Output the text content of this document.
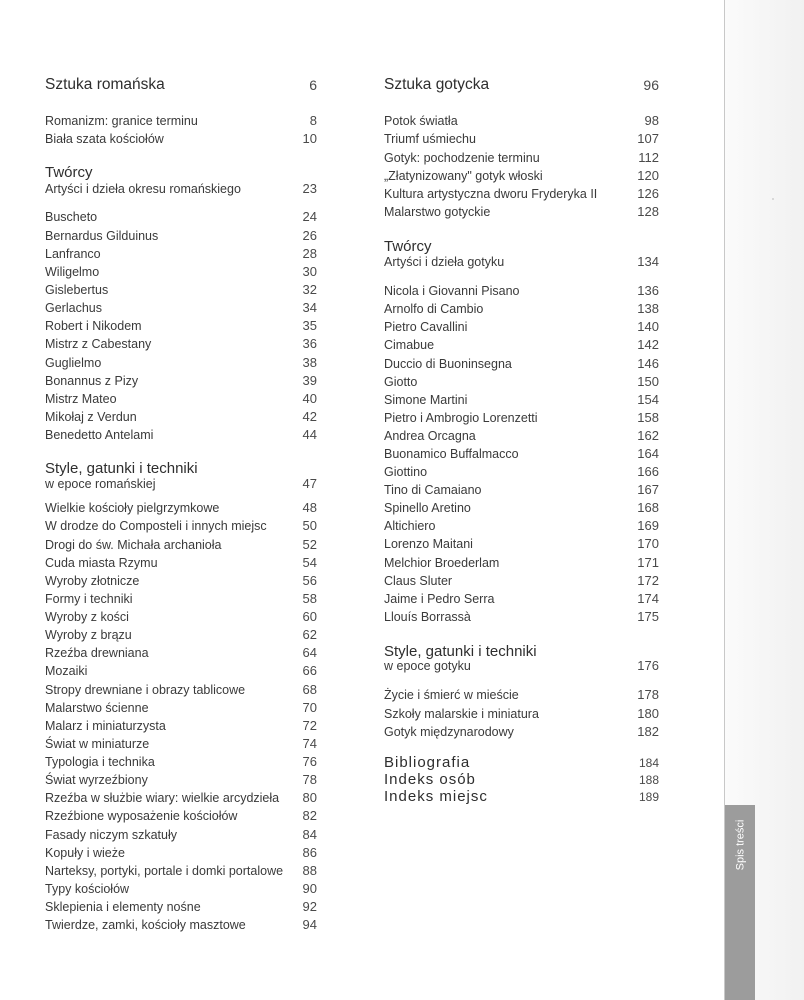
Sztuka romańska	6
Romanizm: granice terminu	8
Biała szata kościołów	10
Twórcy
Artyści i dzieła okresu romańskiego	23
Buscheto	24
Bernardus Gilduinus	26
Lanfranco	28
Wiligelmo	30
Gislebertus	32
Gerlachus	34
Robert i Nikodem	35
Mistrz z Cabestany	36
Guglielmo	38
Bonannus z Pizy	39
Mistrz Mateo	40
Mikołaj z Verdun	42
Benedetto Antelami	44
Style, gatunki i techniki
w epoce romańskiej	47
Wielkie kościoły pielgrzymkowe	48
W drodze do Composteli i innych miejsc	50
Drogi do św. Michała archanioła	52
Cuda miasta Rzymu	54
Wyroby złotnicze	56
Formy i techniki	58
Wyroby z kości	60
Wyroby z brązu	62
Rzeźba drewniana	64
Mozaiki	66
Stropy drewniane i obrazy tablicowe	68
Malarstwo ścienne	70
Malarz i miniaturzysta	72
Świat w miniaturze	74
Typologia i technika	76
Świat wyrzeźbiony	78
Rzeźba w służbie wiary: wielkie arcydzieła 80
Rzeźbione wyposażenie kościołów	82
Fasady niczym szkatuły	84
Kopuły i wieże	86
Narteksy, portyki, portale i domki portalowe 88
Typy kościołów	90
Sklepienia i elementy nośne	92
Twierdze, zamki, kościoły masztowe	94
Sztuka gotycka	96
Potok światła	98
Triumf uśmiechu	107
Gotyk: pochodzenie terminu	112
„Złatynizowany" gotyk włoski	120
Kultura artystyczna dworu Fryderyka II	126
Malarstwo gotyckie	128
Twórcy
Artyści i dzieła gotyku	134
Nicola i Giovanni Pisano	136
Arnolfo di Cambio	138
Pietro Cavallini	140
Cimabue	142
Duccio di Buoninsegna	146
Giotto	150
Simone Martini	154
Pietro i Ambrogio Lorenzetti	158
Andrea Orcagna	162
Buonamico Buffalmacco	164
Giottino	166
Tino di Camaiano	167
Spinello Aretino	168
Altichiero	169
Lorenzo Maitani	170
Melchior Broederlam	171
Claus Sluter	172
Jaime i Pedro Serra	174
Llouís Borrassà	175
Style, gatunki i techniki
w epoce gotyku	176
Życie i śmierć w mieście	178
Szkoły malarskie i miniatura	180
Gotyk międzynarodowy	182
Bibliografia	184
Indeks osób	188
Indeks miejsc	189
Spis treści
